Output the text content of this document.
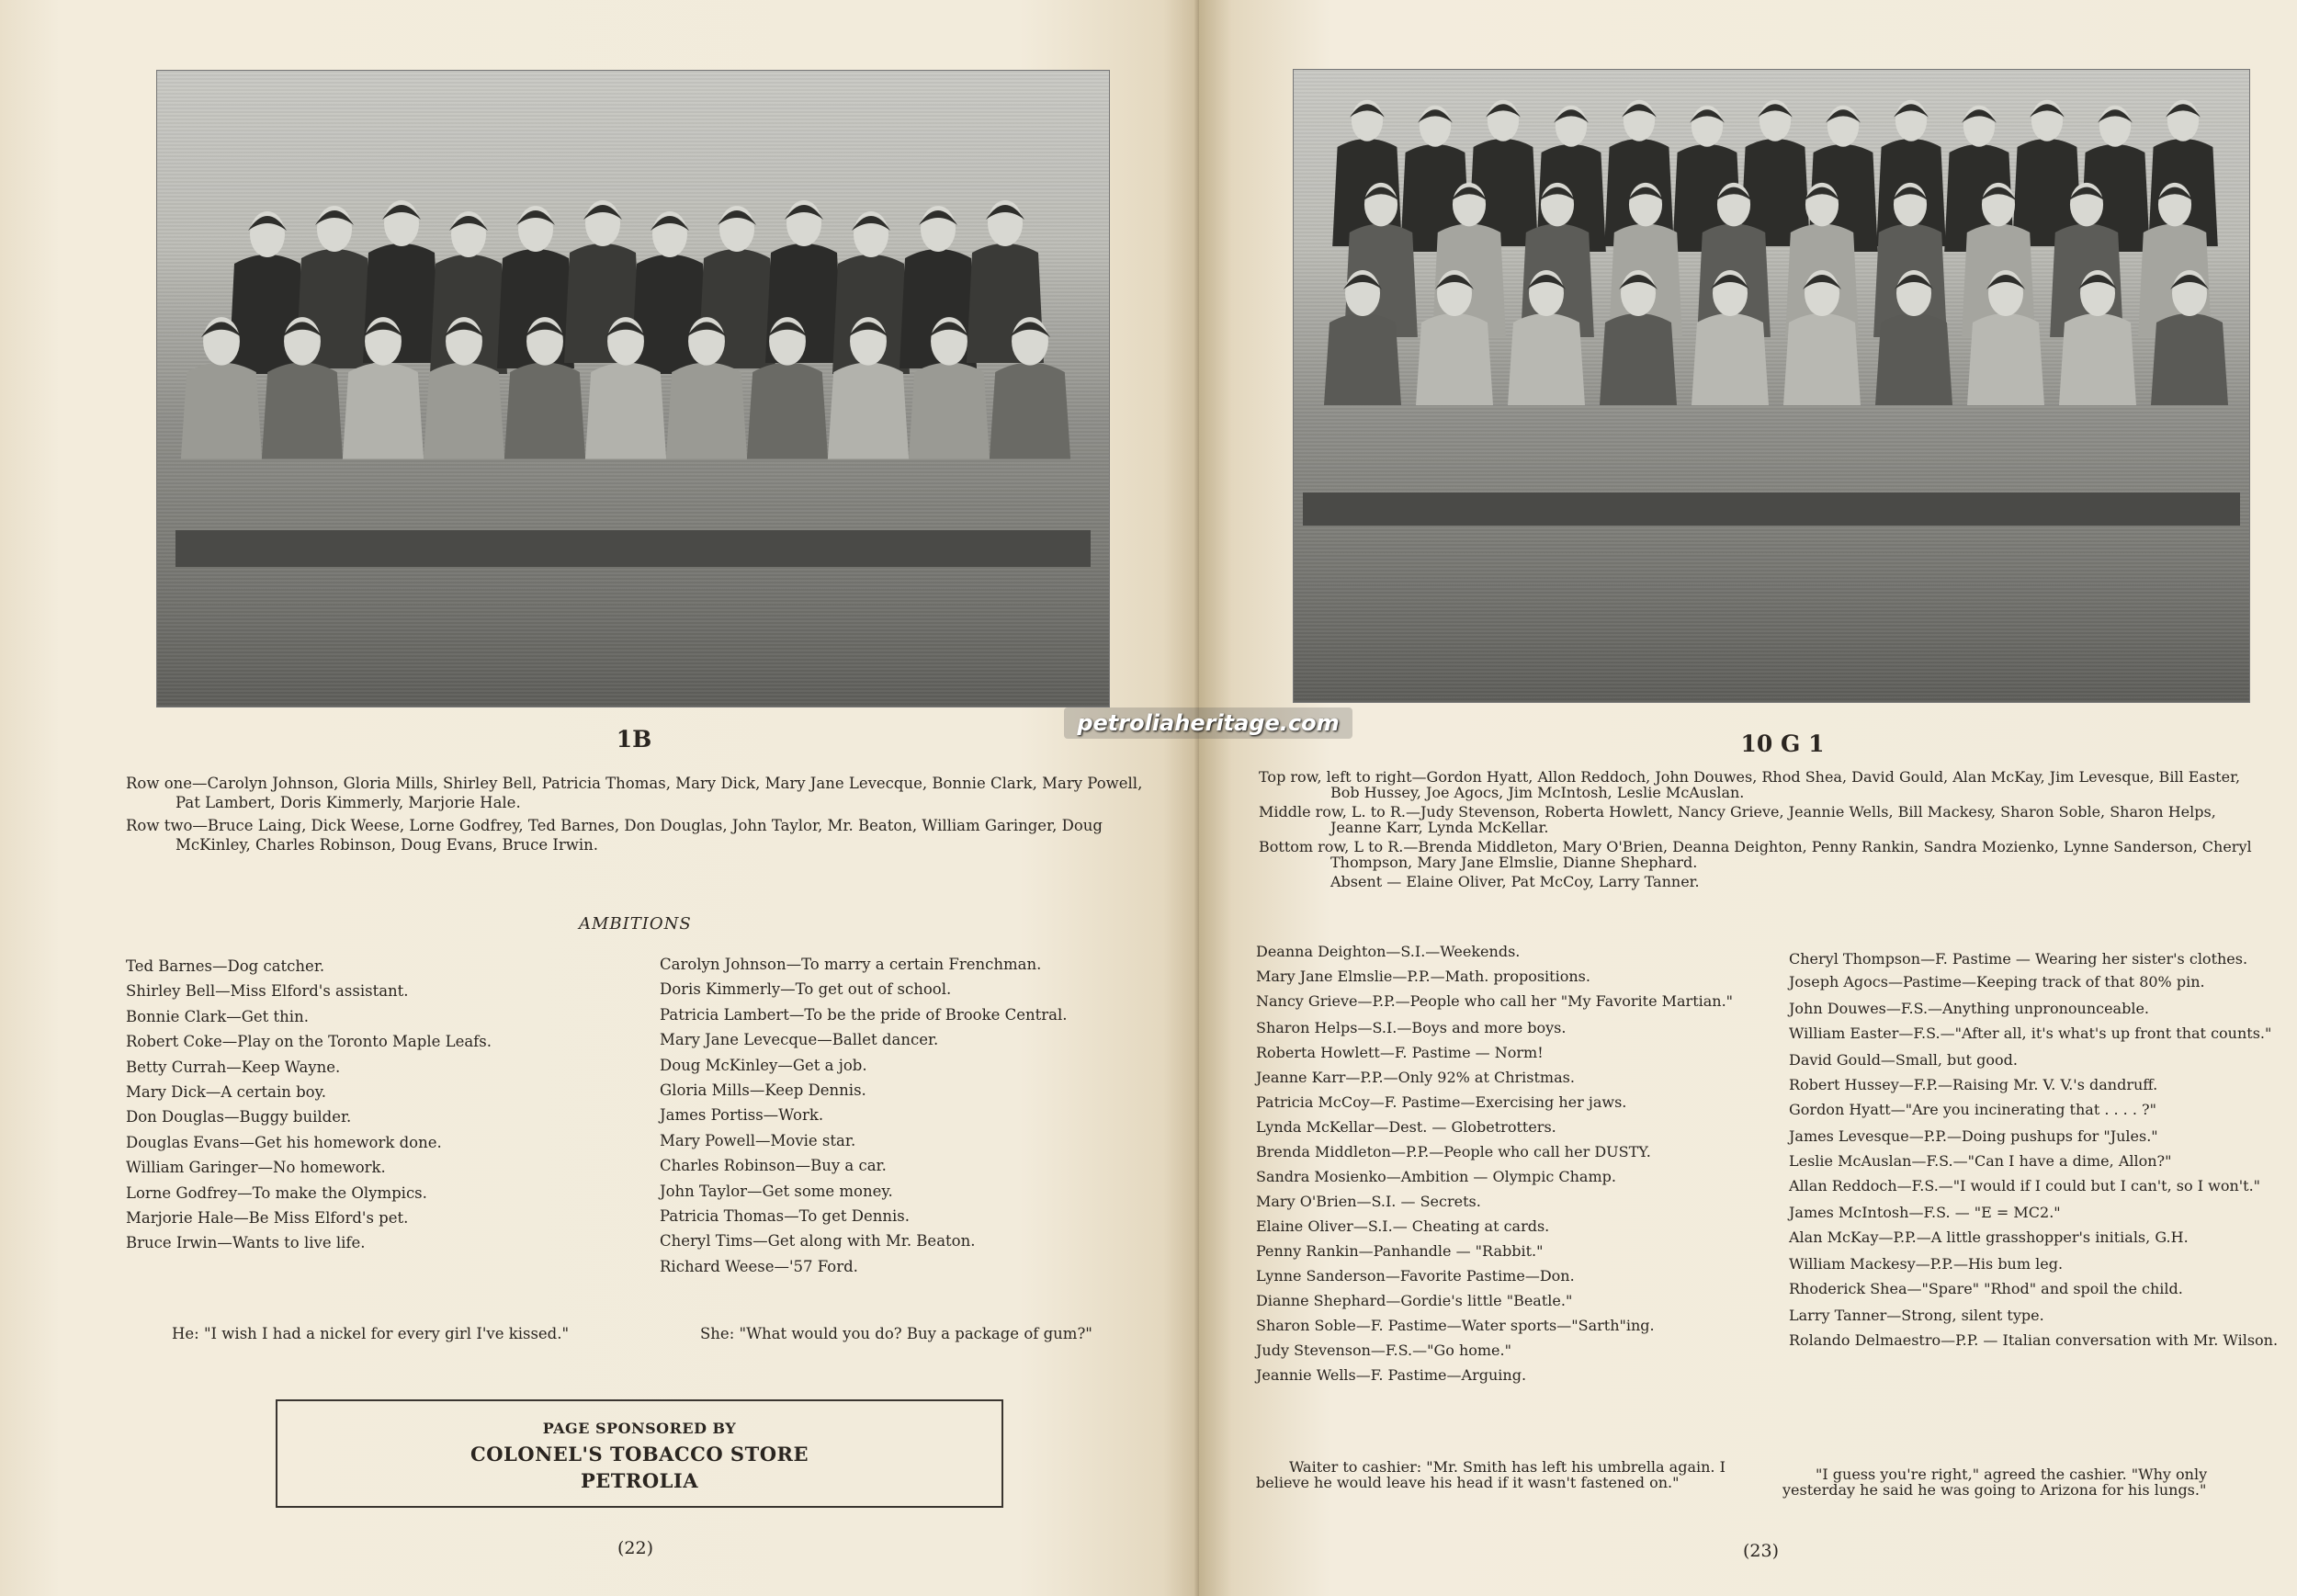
1B

Row one—Carolyn Johnson, Gloria Mills, Shirley Bell, Patricia Thomas, Mary Dick, Mary Jane Levecque, Bonnie Clark, Mary Powell, Pat Lambert, Doris Kimmerly, Marjorie Hale.

Row two—Bruce Laing, Dick Weese, Lorne Godfrey, Ted Barnes, Don Douglas, John Taylor, Mr. Beaton, William Garinger, Doug McKinley, Charles Robinson, Doug Evans, Bruce Irwin.

AMBITIONS
Ted Barnes—Dog catcher.
Shirley Bell—Miss Elford's assistant.
Bonnie Clark—Get thin.
Robert Coke—Play on the Toronto Maple Leafs.
Betty Currah—Keep Wayne.
Mary Dick—A certain boy.
Don Douglas—Buggy builder.
Douglas Evans—Get his homework done.
William Garinger—No homework.
Lorne Godfrey—To make the Olympics.
Marjorie Hale—Be Miss Elford's pet.
Bruce Irwin—Wants to live life.
Carolyn Johnson—To marry a certain Frenchman.
Doris Kimmerly—To get out of school.
Patricia Lambert—To be the pride of Brooke Central.
Mary Jane Levecque—Ballet dancer.
Doug McKinley—Get a job.
Gloria Mills—Keep Dennis.
James Portiss—Work.
Mary Powell—Movie star.
Charles Robinson—Buy a car.
John Taylor—Get some money.
Patricia Thomas—To get Dennis.
Cheryl Tims—Get along with Mr. Beaton.
Richard Weese—'57 Ford.
He: "I wish I had a nickel for every girl I've kissed."	She: "What would you do? Buy a package of gum?"
PAGE SPONSORED BY
COLONEL'S TOBACCO STORE
PETROLIA
(22)
10 G 1

Top row, left to right—Gordon Hyatt, Allon Reddoch, John Douwes, Rhod Shea, David Gould, Alan McKay, Jim Levesque, Bill Easter, Bob Hussey, Joe Agocs, Jim McIntosh, Leslie McAuslan.

Middle row, L. to R.—Judy Stevenson, Roberta Howlett, Nancy Grieve, Jeannie Wells, Bill Mackesy, Sharon Soble, Sharon Helps, Jeanne Karr, Lynda McKellar.

Bottom row, L to R.—Brenda Middleton, Mary O'Brien, Deanna Deighton, Penny Rankin, Sandra Mozienko, Lynne Sanderson, Cheryl Thompson, Mary Jane Elmslie, Dianne Shephard.

Absent — Elaine Oliver, Pat McCoy, Larry Tanner.

Deanna Deighton—S.I.—Weekends.
Mary Jane Elmslie—P.P.—Math. propositions.
Nancy Grieve—P.P.—People who call her "My Favorite Martian."
Sharon Helps—S.I.—Boys and more boys.
Roberta Howlett—F. Pastime — Norm!
Jeanne Karr—P.P.—Only 92% at Christmas.
Patricia McCoy—F. Pastime—Exercising her jaws.
Lynda McKellar—Dest. — Globetrotters.
Brenda Middleton—P.P.—People who call her DUSTY.
Sandra Mosienko—Ambition — Olympic Champ.
Mary O'Brien—S.I. — Secrets.
Elaine Oliver—S.I.— Cheating at cards.
Penny Rankin—Panhandle — "Rabbit."
Lynne Sanderson—Favorite Pastime—Don.
Dianne Shephard—Gordie's little "Beatle."
Sharon Soble—F. Pastime—Water sports—"Sarth"ing.
Judy Stevenson—F.S.—"Go home."
Jeannie Wells—F. Pastime—Arguing.
Cheryl Thompson—F. Pastime — Wearing her sister's clothes.
Joseph Agocs—Pastime—Keeping track of that 80% pin.
John Douwes—F.S.—Anything unpronounceable.
William Easter—F.S.—"After all, it's what's up front that counts."
David Gould—Small, but good.
Robert Hussey—F.P.—Raising Mr. V. V.'s dandruff.
Gordon Hyatt—"Are you incinerating that . . . . ?"
James Levesque—P.P.—Doing pushups for "Jules."
Leslie McAuslan—F.S.—"Can I have a dime, Allon?"
Allan Reddoch—F.S.—"I would if I could but I can't, so I won't."
James McIntosh—F.S. — "E = MC2."
Alan McKay—P.P.—A little grasshopper's initials, G.H.
William Mackesy—P.P.—His bum leg.
Rhoderick Shea—"Spare" "Rhod" and spoil the child.
Larry Tanner—Strong, silent type.
Rolando Delmaestro—P.P. — Italian conversation with Mr. Wilson.
Waiter to cashier: "Mr. Smith has left his umbrella again. I believe he would leave his head if it wasn't fastened on."	"I guess you're right," agreed the cashier. "Why only yesterday he said he was going to Arizona for his lungs."
(23)
petroliaheritage.com
